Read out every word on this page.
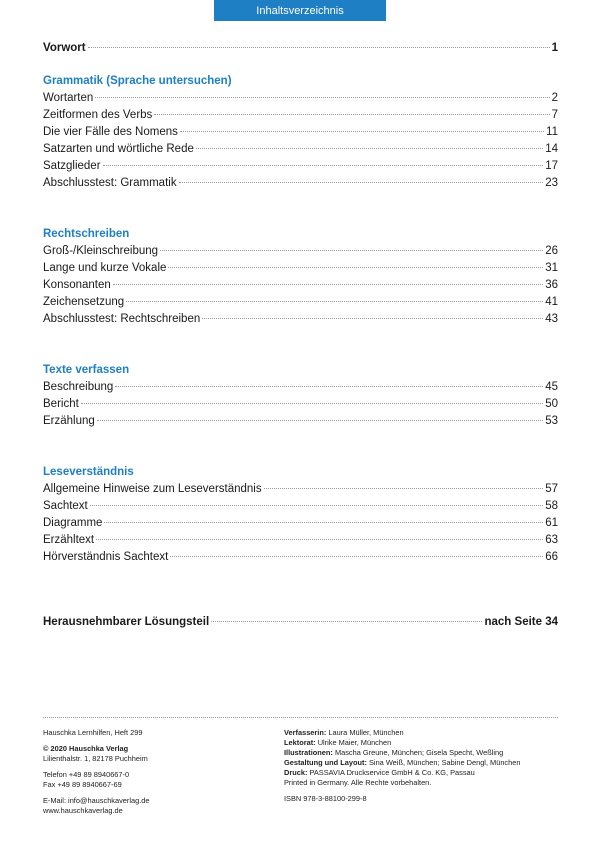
Inhaltsverzeichnis
Vorwort	1
Grammatik (Sprache untersuchen)
Wortarten	2
Zeitformen des Verbs	7
Die vier Fälle des Nomens	11
Satzarten und wörtliche Rede	14
Satzglieder	17
Abschlusstest: Grammatik	23
Rechtschreiben
Groß-/Kleinschreibung	26
Lange und kurze Vokale	31
Konsonanten	36
Zeichensetzung	41
Abschlusstest: Rechtschreiben	43
Texte verfassen
Beschreibung	45
Bericht	50
Erzählung	53
Leseverständnis
Allgemeine Hinweise zum Leseverständnis	57
Sachtext	58
Diagramme	61
Erzähltext	63
Hörverständnis Sachtext	66
Herausnehmbarer Lösungsteil	nach Seite 34
Hauschka Lernhilfen, Heft 299
© 2020 Hauschka Verlag
Lilienthalstr. 1, 82178 Puchheim
Telefon +49 89 8940667-0
Fax +49 89 8940667-69
E-Mail: info@hauschkaverlag.de
www.hauschkaverlag.de
Verfasserin: Laura Müller, München
Lektorat: Ulrike Maier, München
Illustrationen: Mascha Greune, München; Gisela Specht, Weßling
Gestaltung und Layout: Sina Weiß, München; Sabine Dengl, München
Druck: PASSAVIA Druckservice GmbH & Co. KG, Passau
Printed in Germany. Alle Rechte vorbehalten.
ISBN 978-3-88100-299-8
